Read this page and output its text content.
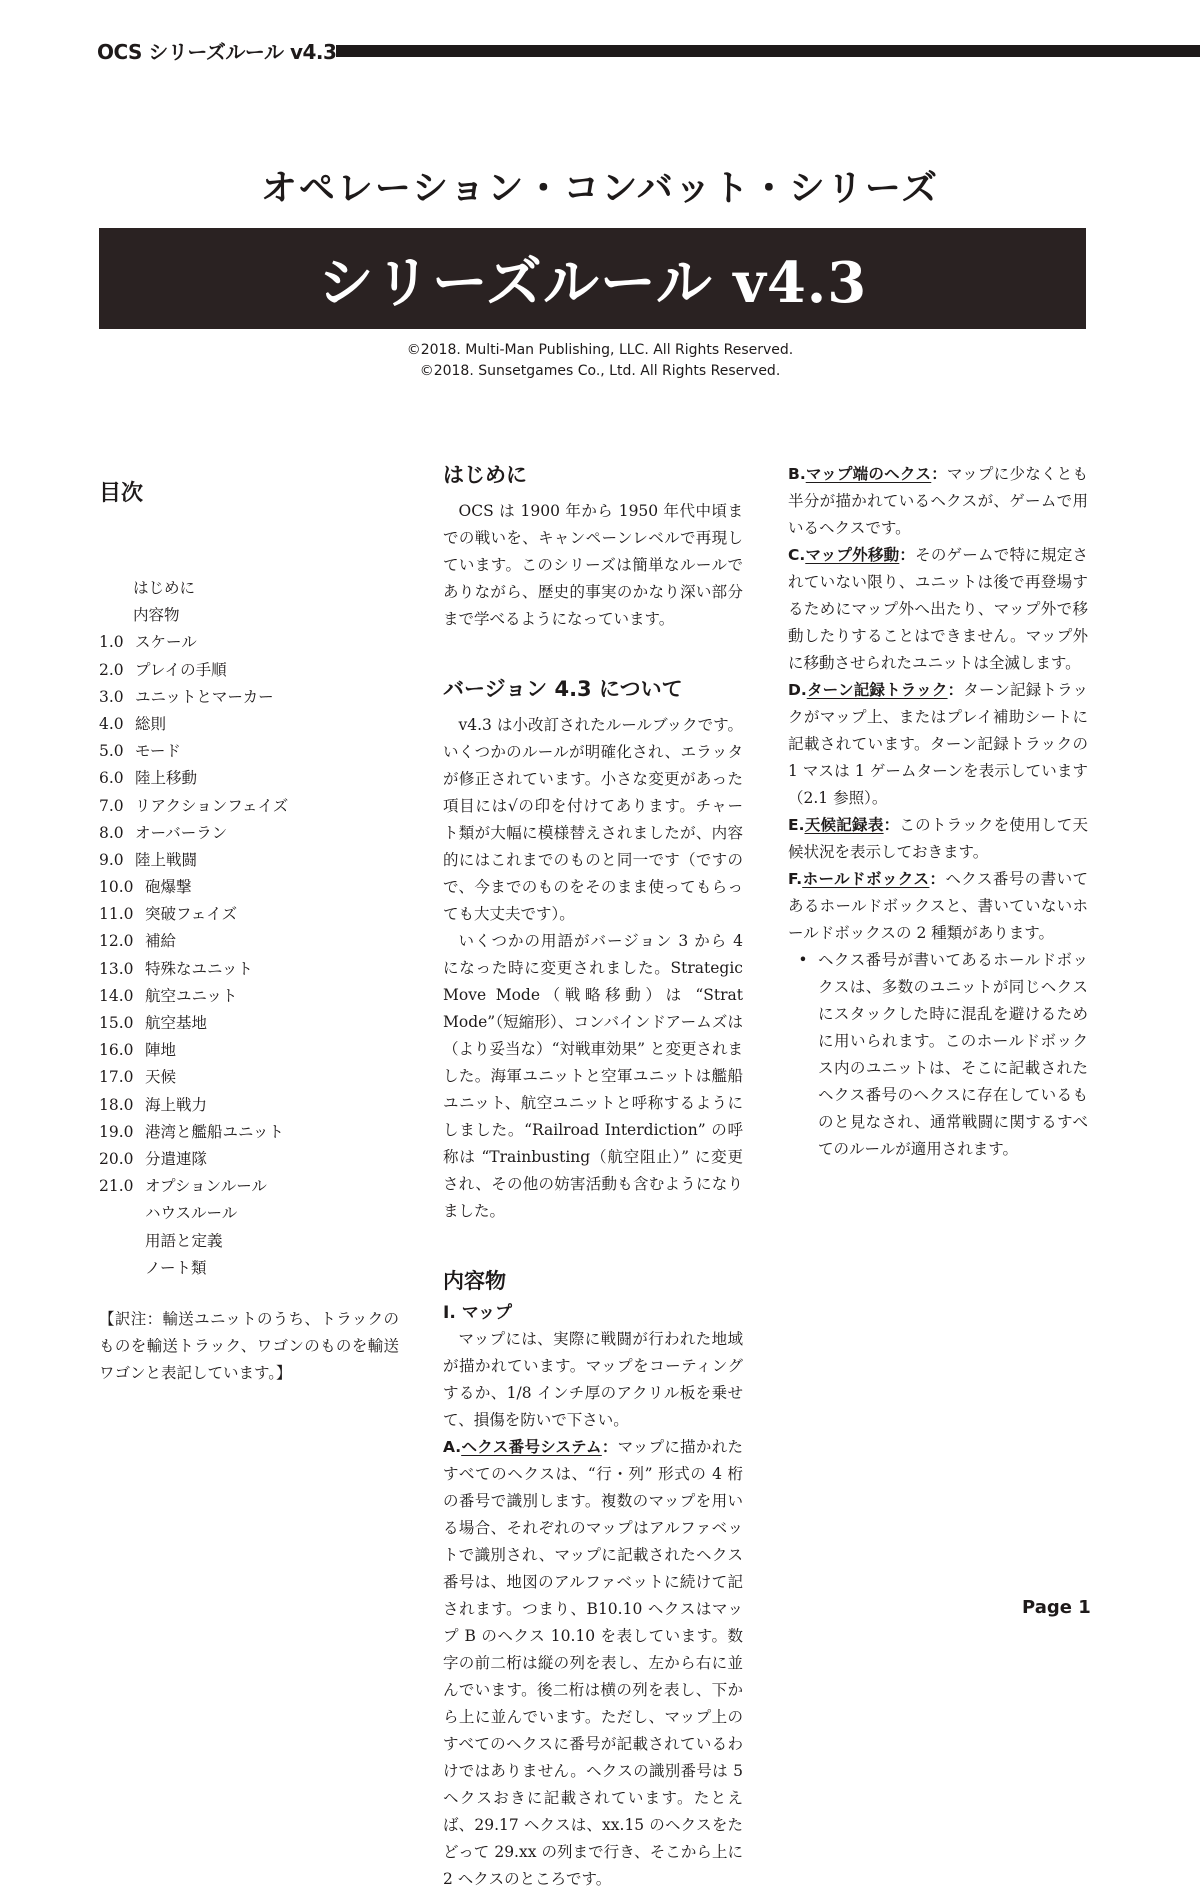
OCS シリーズルール v4.3
オペレーション・コンバット・シリーズ
シリーズルール v4.3
©2018. Multi-Man Publishing, LLC. All Rights Reserved.
©2018. Sunsetgames Co., Ltd. All Rights Reserved.
目次
はじめに
内容物
1.0 スケール
2.0 プレイの手順
3.0 ユニットとマーカー
4.0 総則
5.0 モード
6.0 陸上移動
7.0 リアクションフェイズ
8.0 オーバーラン
9.0 陸上戦闘
10.0 砲爆撃
11.0 突破フェイズ
12.0 補給
13.0 特殊なユニット
14.0 航空ユニット
15.0 航空基地
16.0 陣地
17.0 天候
18.0 海上戦力
19.0 港湾と艦船ユニット
20.0 分遣連隊
21.0 オプションルール
ハウスルール
用語と定義
ノート類

【訳注：輸送ユニットのうち、トラックのものを輸送トラック、ワゴンのものを輸送ワゴンと表記しています。】

はじめに

OCS は 1900 年から 1950 年代中頃までの戦いを、キャンペーンレベルで再現しています。このシリーズは簡単なルールでありながら、歴史的事実のかなり深い部分まで学べるようになっています。

バージョン 4.3 について

v4.3 は小改訂されたルールブックです。いくつかのルールが明確化され、エラッタが修正されています。小さな変更があった項目には√の印を付けてあります。チャート類が大幅に模様替えされましたが、内容的にはこれまでのものと同一です（ですので、今までのものをそのまま使ってもらっても大丈夫です）。

いくつかの用語がバージョン 3 から 4 になった時に変更されました。Strategic Move Mode（戦略移動）は “Strat Mode”（短縮形）、コンバインドアームズは（より妥当な）“対戦車効果” と変更されました。海軍ユニットと空軍ユニットは艦船ユニット、航空ユニットと呼称するようにしました。“Railroad Interdiction” の呼称は “Trainbusting（航空阻止）” に変更され、その他の妨害活動も含むようになりました。

内容物
I. マップ

マップには、実際に戦闘が行われた地域が描かれています。マップをコーティングするか、1/8 インチ厚のアクリル板を乗せて、損傷を防いで下さい。

A.ヘクス番号システム：マップに描かれたすべてのヘクスは、“行・列” 形式の 4 桁の番号で識別します。複数のマップを用いる場合、それぞれのマップはアルファベットで識別され、マップに記載されたヘクス番号は、地図のアルファベットに続けて記されます。つまり、B10.10 ヘクスはマップ B のヘクス 10.10 を表しています。数字の前二桁は縦の列を表し、左から右に並んでいます。後二桁は横の列を表し、下から上に並んでいます。ただし、マップ上のすべてのヘクスに番号が記載されているわけではありません。ヘクスの識別番号は 5 ヘクスおきに記載されています。たとえば、29.17 ヘクスは、xx.15 のヘクスをたどって 29.xx の列まで行き、そこから上に 2 ヘクスのところです。

B.マップ端のヘクス：マップに少なくとも半分が描かれているヘクスが、ゲームで用いるヘクスです。

C.マップ外移動：そのゲームで特に規定されていない限り、ユニットは後で再登場するためにマップ外へ出たり、マップ外で移動したりすることはできません。マップ外に移動させられたユニットは全滅します。

D.ターン記録トラック：ターン記録トラックがマップ上、またはプレイ補助シートに記載されています。ターン記録トラックの 1 マスは 1 ゲームターンを表示しています（2.1 参照）。

E.天候記録表：このトラックを使用して天候状況を表示しておきます。

F.ホールドボックス：ヘクス番号の書いてあるホールドボックスと、書いていないホールドボックスの 2 種類があります。

• ヘクス番号が書いてあるホールドボックスは、多数のユニットが同じヘクスにスタックした時に混乱を避けるために用いられます。このホールドボックス内のユニットは、そこに記載されたヘクス番号のヘクスに存在しているものと見なされ、通常戦闘に関するすべてのルールが適用されます。
Page 1
